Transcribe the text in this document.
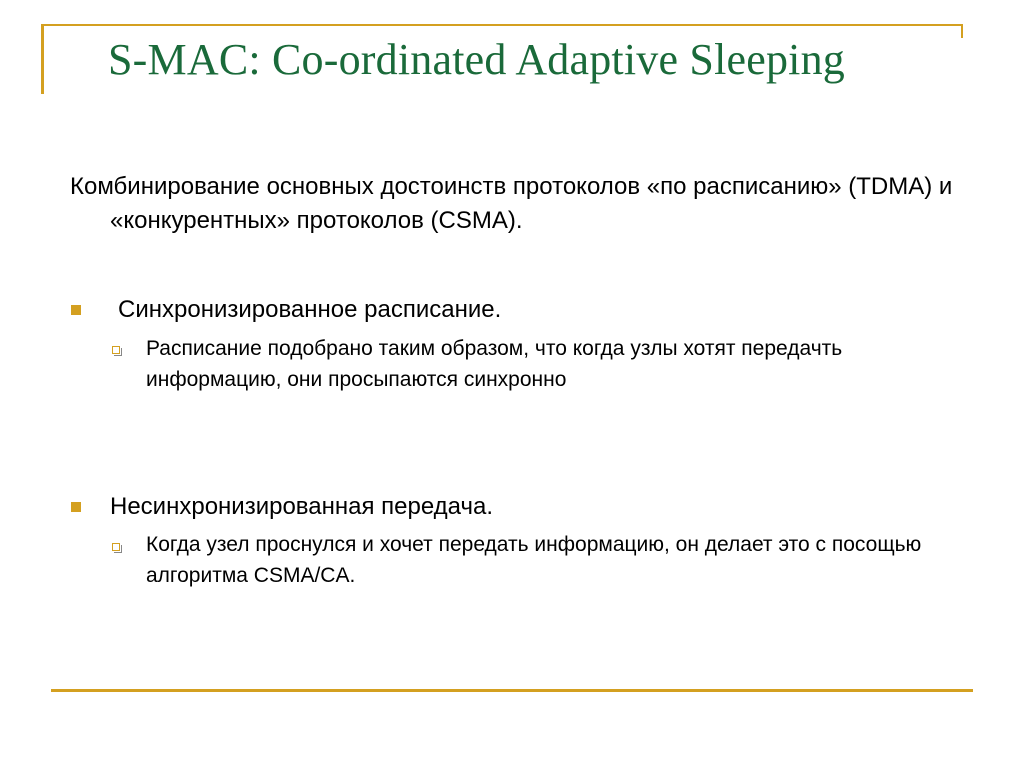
S-MAC: Co-ordinated Adaptive Sleeping
Комбинирование основных достоинств протоколов «по расписанию» (TDMA) и «конкурентных» протоколов (CSMA).
Синхронизированное расписание.
Расписание подобрано таким образом, что когда узлы хотят передачть информацию, они просыпаются синхронно
Несинхронизированная передача.
Когда узел проснулся и хочет передать информацию, он делает это с посощью алгоритма CSMA/CA.
